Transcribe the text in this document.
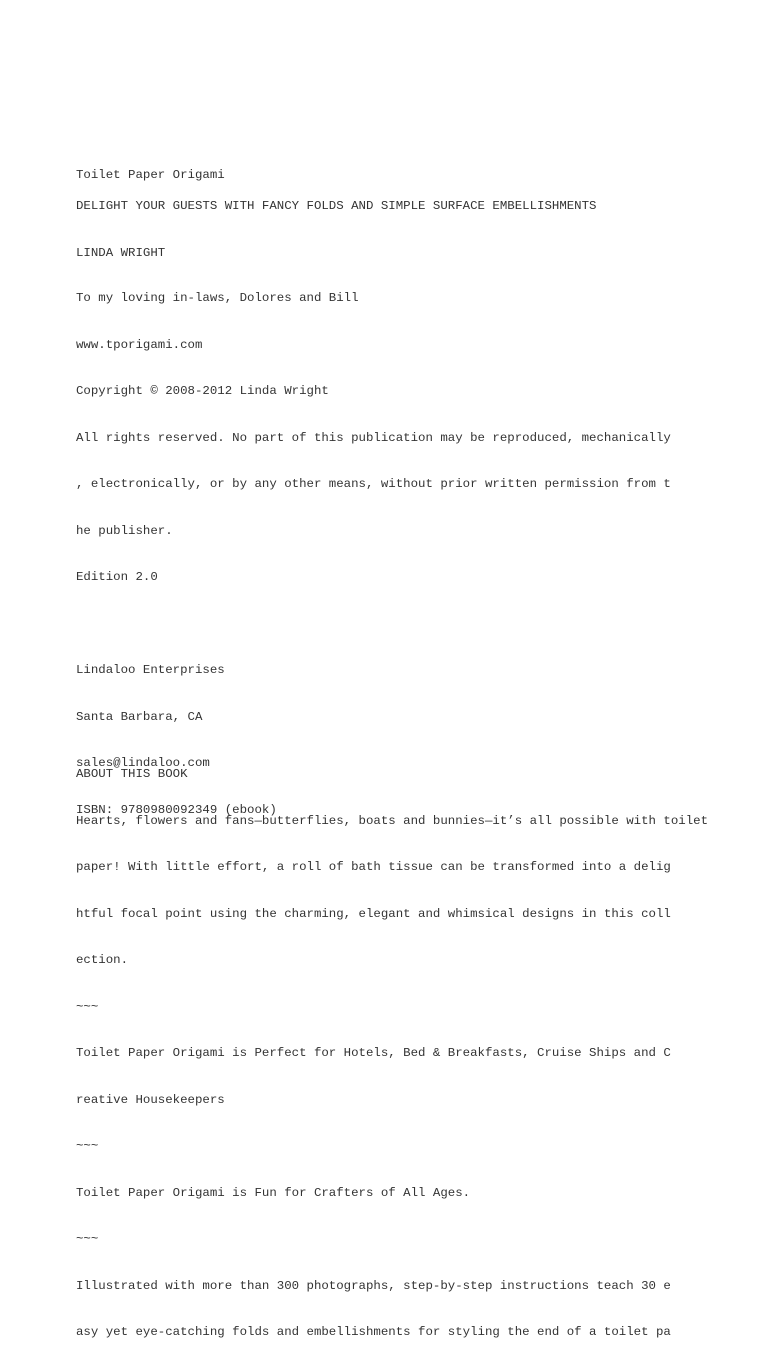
Toilet Paper Origami

DELIGHT YOUR GUESTS WITH FANCY FOLDS AND SIMPLE SURFACE EMBELLISHMENTS

LINDA WRIGHT

To my loving in-laws, Dolores and Bill

www.tporigami.com

Copyright © 2008-2012 Linda Wright

All rights reserved. No part of this publication may be reproduced, mechanically

, electronically, or by any other means, without prior written permission from t

he publisher.

Edition 2.0

Lindaloo Enterprises

Santa Barbara, CA

sales@lindaloo.com

ISBN: 9780980092349 (ebook)

ABOUT THIS BOOK

Hearts, flowers and fans—butterflies, boats and bunnies—it’s all possible with toilet

paper! With little effort, a roll of bath tissue can be transformed into a delig

htful focal point using the charming, elegant and whimsical designs in this coll

ection.

~~~

Toilet Paper Origami is Perfect for Hotels, Bed & Breakfasts, Cruise Ships and C

reative Housekeepers

~~~

Toilet Paper Origami is Fun for Crafters of All Ages.

~~~

Illustrated with more than 300 photographs, step-by-step instructions teach 30 e

asy yet eye-catching folds and embellishments for styling the end of a toilet pa
